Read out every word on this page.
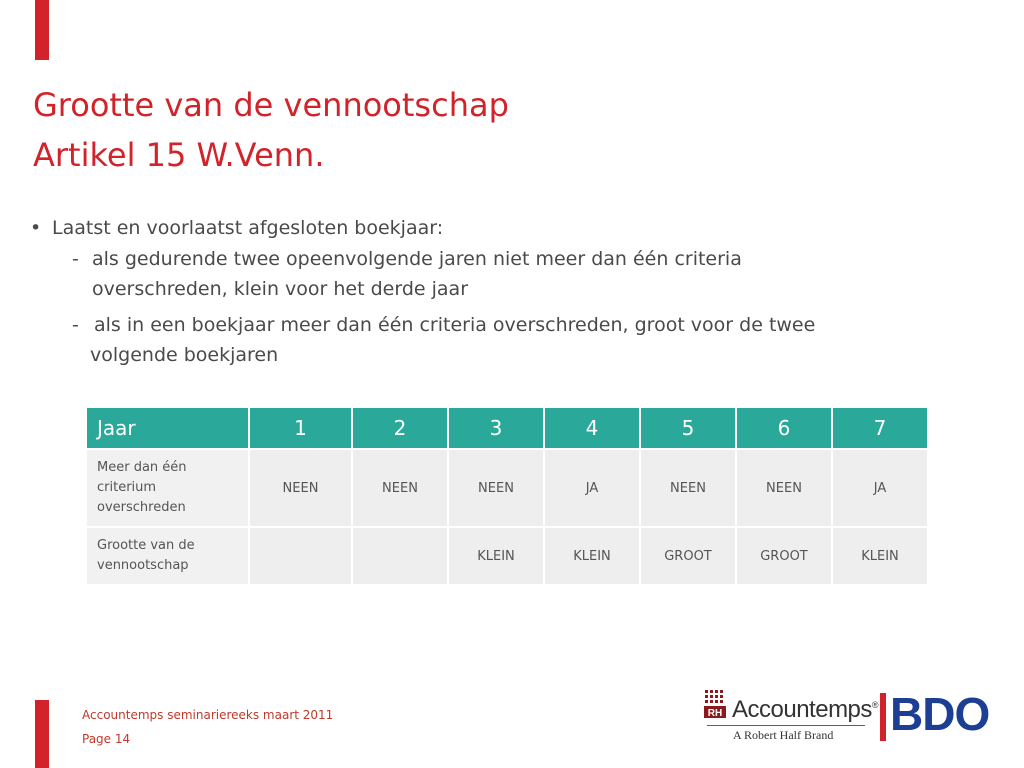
Grootte van de vennootschap
Artikel 15 W.Venn.
• Laatst en voorlaatst afgesloten boekjaar:
- als gedurende twee opeenvolgende jaren niet meer dan één criteria
overschreden, klein voor het derde jaar
- als in een boekjaar meer dan één criteria overschreden, groot voor de twee
volgende boekjaren
Jaar	1	2	3	4	5	6	7
Meer dan één criterium overschreden	NEEN	NEEN	NEEN	JA	NEEN	NEEN	JA
Grootte van de vennootschap			KLEIN	KLEIN	GROOT	GROOT	KLEIN
Accountemps seminariereeks maart 2011
Page 14
RH Accountemps®
A Robert Half Brand BDO
